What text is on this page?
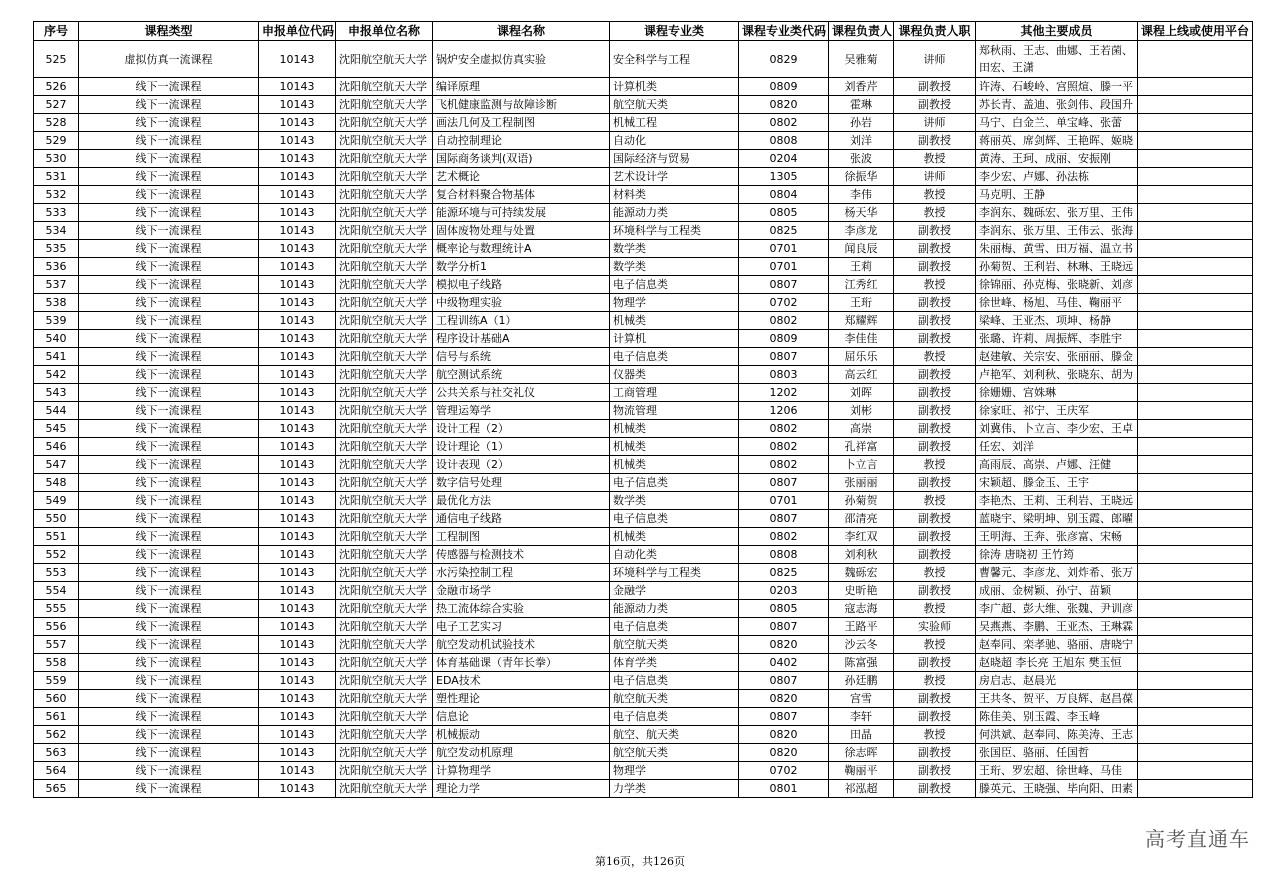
序号	课程类型	申报单位代码	申报单位名称	课程名称	课程专业类	课程专业类代码	课程负责人	课程负责人职	其他主要成员	课程上线或使用平台
525	虚拟仿真一流课程	10143	沈阳航空航天大学	锅炉安全虚拟仿真实验	安全科学与工程	0829	吴雅菊	讲师	郑秋雨、王志、曲娜、王若菌、田宏、王潇	
526	线下一流课程	10143	沈阳航空航天大学	编译原理	计算机类	0809	刘香芹	副教授	许涛、石峻岭、宫照煊、滕一平	
527	线下一流课程	10143	沈阳航空航天大学	飞机健康监测与故障诊断	航空航天类	0820	霍琳	副教授	苏长青、盖迪、张剑伟、段国升	
528	线下一流课程	10143	沈阳航空航天大学	画法几何及工程制图	机械工程	0802	孙岩	讲师	马宁、白金兰、单宝峰、张蕾	
529	线下一流课程	10143	沈阳航空航天大学	自动控制理论	自动化	0808	刘洋	副教授	蒋丽英、席剑辉、王艳晖、姬晓	
530	线下一流课程	10143	沈阳航空航天大学	国际商务谈判(双语)	国际经济与贸易	0204	张波	教授	黄涛、王珂、成丽、安振刚	
531	线下一流课程	10143	沈阳航空航天大学	艺术概论	艺术设计学	1305	徐振华	讲师	李少宏、卢娜、孙法栋	
532	线下一流课程	10143	沈阳航空航天大学	复合材料聚合物基体	材料类	0804	李伟	教授	马克明、王静	
533	线下一流课程	10143	沈阳航空航天大学	能源环境与可持续发展	能源动力类	0805	杨天华	教授	李润东、魏砾宏、张万里、王伟	
534	线下一流课程	10143	沈阳航空航天大学	固体废物处理与处置	环境科学与工程类	0825	李彦龙	副教授	李润东、张万里、王伟云、张海	
535	线下一流课程	10143	沈阳航空航天大学	概率论与数理统计A	数学类	0701	闻良辰	副教授	朱丽梅、黄雪、田万福、温立书	
536	线下一流课程	10143	沈阳航空航天大学	数学分析1	数学类	0701	王莉	副教授	孙菊贺、王利岩、林琳、王晓远	
537	线下一流课程	10143	沈阳航空航天大学	模拟电子线路	电子信息类	0807	江秀红	教授	徐锦丽、孙克梅、张晓新、刘彦	
538	线下一流课程	10143	沈阳航空航天大学	中级物理实验	物理学	0702	王珩	副教授	徐世峰、杨旭、马佳、鞠丽平	
539	线下一流课程	10143	沈阳航空航天大学	工程训练A（1）	机械类	0802	郑耀辉	副教授	梁峰、王亚杰、项坤、杨静	
540	线下一流课程	10143	沈阳航空航天大学	程序设计基础A	计算机	0809	李佳佳	副教授	张璐、许莉、周振辉、李胜宇	
541	线下一流课程	10143	沈阳航空航天大学	信号与系统	电子信息类	0807	屈乐乐	教授	赵建敏、关宗安、张丽丽、滕金	
542	线下一流课程	10143	沈阳航空航天大学	航空测试系统	仪器类	0803	高云红	副教授	卢艳军、刘利秋、张晓东、胡为	
543	线下一流课程	10143	沈阳航空航天大学	公共关系与社交礼仪	工商管理	1202	刘晖	副教授	徐姗姗、宫姝琳	
544	线下一流课程	10143	沈阳航空航天大学	管理运筹学	物流管理	1206	刘彬	副教授	徐家旺、祁宁、王庆军	
545	线下一流课程	10143	沈阳航空航天大学	设计工程（2）	机械类	0802	高崇	副教授	刘冀伟、卜立言、李少宏、王卓	
546	线下一流课程	10143	沈阳航空航天大学	设计理论（1）	机械类	0802	孔祥富	副教授	任宏、刘洋	
547	线下一流课程	10143	沈阳航空航天大学	设计表现（2）	机械类	0802	卜立言	教授	高雨辰、高崇、卢娜、汪健	
548	线下一流课程	10143	沈阳航空航天大学	数字信号处理	电子信息类	0807	张丽丽	副教授	宋颖超、滕金玉、王宇	
549	线下一流课程	10143	沈阳航空航天大学	最优化方法	数学类	0701	孙菊贺	教授	李艳杰、王莉、王利岩、王晓远	
550	线下一流课程	10143	沈阳航空航天大学	通信电子线路	电子信息类	0807	邵清亮	副教授	蓝晓宇、梁明坤、别玉霞、郎曜	
551	线下一流课程	10143	沈阳航空航天大学	工程制图	机械类	0802	李红双	副教授	王明海、王奔、张彦富、宋畅	
552	线下一流课程	10143	沈阳航空航天大学	传感器与检测技术	自动化类	0808	刘利秋	副教授	徐涛 唐晓初 王竹筠	
553	线下一流课程	10143	沈阳航空航天大学	水污染控制工程	环境科学与工程类	0825	魏砾宏	教授	曹馨元、李彦龙、刘炸希、张万	
554	线下一流课程	10143	沈阳航空航天大学	金融市场学	金融学	0203	史昕艳	副教授	成丽、金树颖、孙宁、苗颖	
555	线下一流课程	10143	沈阳航空航天大学	热工流体综合实验	能源动力类	0805	寇志海	教授	李广超、彭大维、张魏、尹训彦	
556	线下一流课程	10143	沈阳航空航天大学	电子工艺实习	电子信息类	0807	王路平	实验师	吴燕燕、李鹏、王亚杰、王琳霖	
557	线下一流课程	10143	沈阳航空航天大学	航空发动机试验技术	航空航天类	0820	沙云冬	教授	赵奉同、栾孝驰、骆丽、唐晓宁	
558	线下一流课程	10143	沈阳航空航天大学	体育基础课（青年长拳）	体育学类	0402	陈富强	副教授	赵晓超 李长亮 王旭东 樊玉恒	
559	线下一流课程	10143	沈阳航空航天大学	EDA技术	电子信息类	0807	孙廷鹏	教授	房启志、赵晨光	
560	线下一流课程	10143	沈阳航空航天大学	塑性理论	航空航天类	0820	宫雪	副教授	王共冬、贺平、万良辉、赵昌葆	
561	线下一流课程	10143	沈阳航空航天大学	信息论	电子信息类	0807	李轩	副教授	陈佳美、别玉霞、李玉峰	
562	线下一流课程	10143	沈阳航空航天大学	机械振动	航空、航天类	0820	田晶	教授	何洪斌、赵奉同、陈美涛、王志	
563	线下一流课程	10143	沈阳航空航天大学	航空发动机原理	航空航天类	0820	徐志晖	副教授	张国臣、骆丽、任国哲	
564	线下一流课程	10143	沈阳航空航天大学	计算物理学	物理学	0702	鞠丽平	副教授	王珩、罗宏超、徐世峰、马佳	
565	线下一流课程	10143	沈阳航空航天大学	理论力学	力学类	0801	祁泓超	副教授	滕英元、王晓强、毕向阳、田素	
第16页，共126页
高考直通车
